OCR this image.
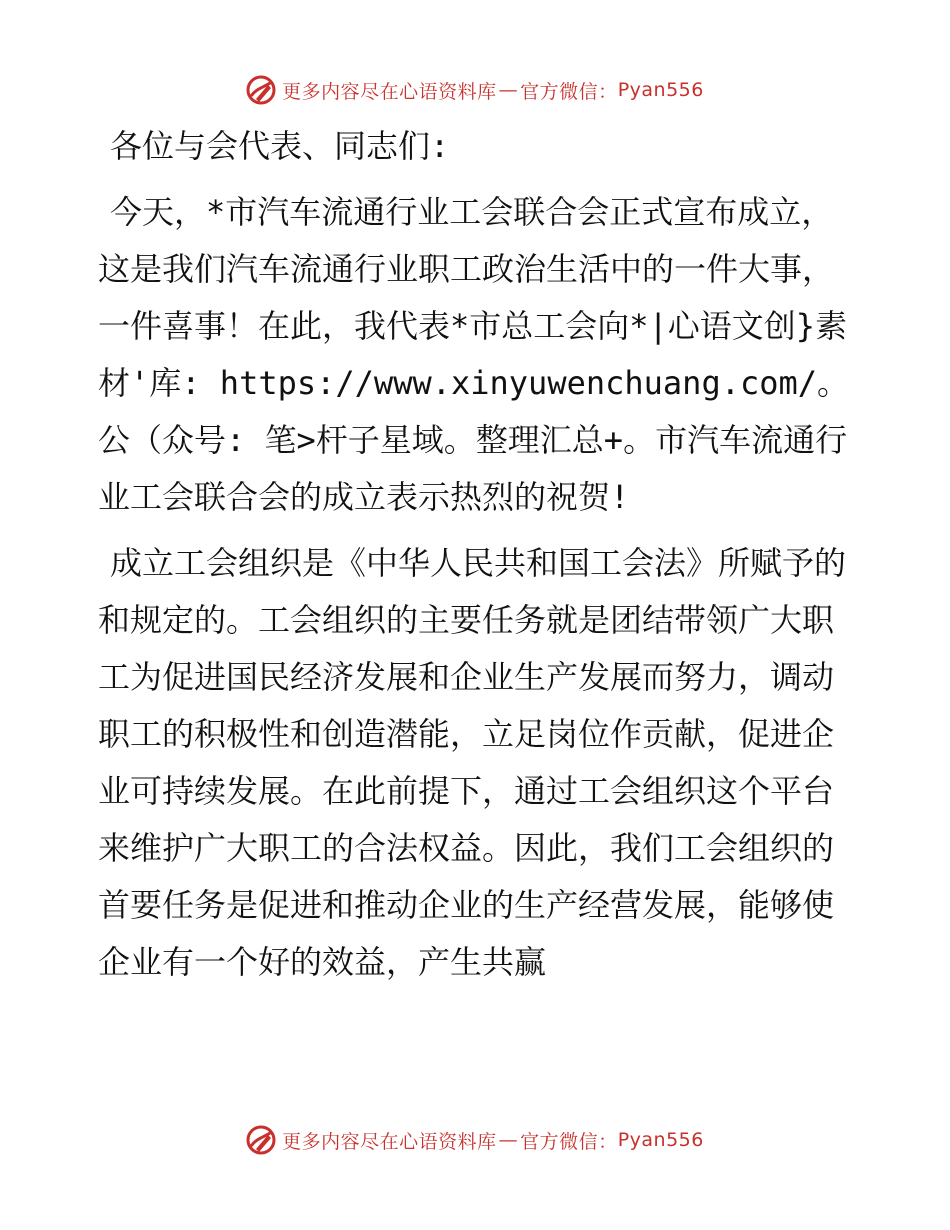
更多内容尽在心语资料库 — 官方微信： Pyan556

各位与会代表、同志们:

今天，*市汽车流通行业工会联合会正式宣布成立，这是我们汽车流通行业职工政治生活中的一件大事，一件喜事！在此，我代表*市总工会向*|心语文创}素材'库: https://www.xinyuwenchuang.com/。公（众号: 笔>杆子星域。整理汇总+。市汽车流通行业工会联合会的成立表示热烈的祝贺!

成立工会组织是《中华人民共和国工会法》所赋予的和规定的。工会组织的主要任务就是团结带领广大职工为促进国民经济发展和企业生产发展而努力，调动职工的积极性和创造潜能，立足岗位作贡献，促进企业可持续发展。在此前提下，通过工会组织这个平台来维护广大职工的合法权益。因此，我们工会组织的首要任务是促进和推动企业的生产经营发展，能够使企业有一个好的效益，产生共赢

更多内容尽在心语资料库 — 官方微信： Pyan556
